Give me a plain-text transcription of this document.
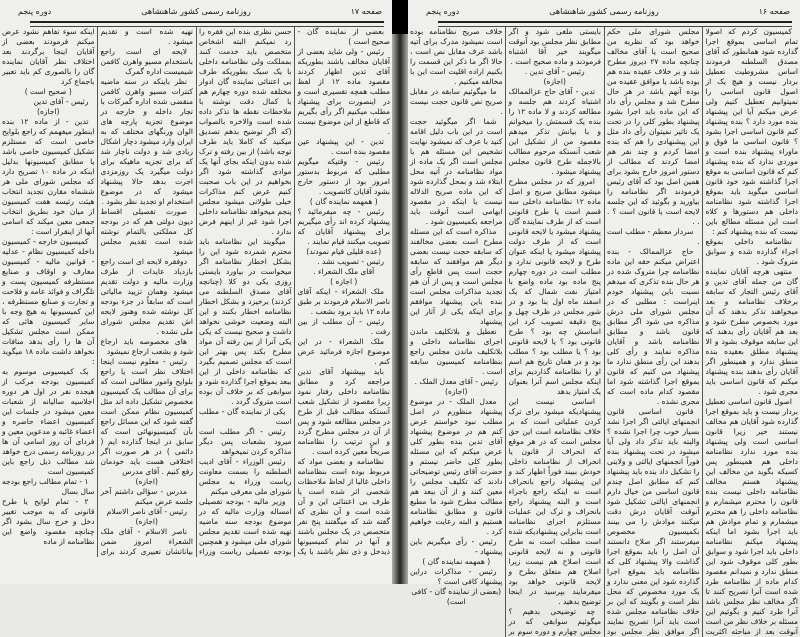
صفحه ۱۷
روزنامه رسمی کشور شاهنشاهی
دوره پنجم

بعضی از نماینده گان - صحیح است )

رئیس - ولی شاید بعضی از آقایان مخالف باشند بطوریکه آقای تدین اظهار کردند مقصود ماده ۱۲ از لفظ مطلب همچه تفسیری است و در اینصورت برای پیشنهاد مطلب میکنیم اگر رأی بگیریم که قاطع از این موضوع نیست .

تدین - این پیشنهاد عین مقصود بنده است .

رئیس - وقتیکه میگویم مطلبی که مربوط بدستور امروز بود از دستور خارج بشود آقایان کاتصویب .

( همهمه نماینده گان )

رئیس - چه میفرمائید ؟ پیشنهاد کرده اند رأی میگیریم برای پیشنهاد آقایان که تصویب میکنند قیام نمایند .

(عده قلیلی قیام نمودند)

رئیس - تصویب نشد .

آقای ملک الشعراء .

( اجازه )

ملک الشعراء - اینکه آقای ناصر الاسلام فرمودند بر طبق ماده ۱۲ باید برود بشعب .

رئیس - آن مطلب از بین رفت .

ملک الشعراء - در این موضوع اجازه فرمائید عرض کنم .

باید بپیشنهاد آقای تدین مراجعه کرد و مطابق نظامنامه داخلی رفتار نمود زیرا مقصود از تشکیل شعب آنستکه مطالب قبل از طرح در مجلس مطالعه شود و پس از آن در مجلس مطرح گردد و این ترتیب را نظامنامه صریحاً معین کرده است .

نظامنامه و بعضی مواد که مربوط بوده است بنظامنامه داخلی غالبا از لحاظ ملاحظات شخصی اثر شده است یا طرف بی اعتنائی این و آن شده است و آن نظری که گفته شد که میگفتند پنج نفر متخصص در یک مجلس باشند و آنها در تمام کمیسیونها ذیدخل و ذی نظر باشند با یک حسن نظری بنده این فقره را رد نمیکنم البته اشخاص متخصص باید خدمت کنند بمملکت ولی نظامنامه داخلی با یک سبک بطوریکه طرف بی اعتنائی نماینده گان ادوار مختلفه شده دوره چهارم هم با کمال دقت نوشته با ملاحظات نقطه ها تذکر داده شده است والاخره بالصواب (که اگر توضیح بدهم تصدیق میکنید که کاملا باید طرف توجه باشد) از بین رفته و ترک شده بدون اینکه بجای آنها یک موادی گذاشته شود اگر بخواهیم در این باب صحبت کنیم عرض کنم مذاکرات خیلی طولانی میشود مجلس پنجم میخواهد نظامنامه داخلی اجرا شود غیر از اینهم فرض ندارد .

میگویند این نظامنامه باید محترم شمرده شود این را بشکل اخطار نظامنامه اگر میخواست در بیاورد بایستی روزی یکی دو کلا (چنانچه آقای مصدق السلطنه می کردند) برخیزد و بشکل اخطار نظامنامه اخطار بکنند و این البته وضعیت خوشی نخواهد داشت و صحیح نیست که یکی یکی آنرا از بین رفته آن مواد مطرح بکند پس بهتر این است که مجلس تصمیم بگیرد که نظامنامه داخلی از این ببعد بموقع اجرا گذارده شود و سوابقی که بر خلاف آن بوده است متروک گردد .

یکی از نماینده گان - مطلب است

رئیس - اگر مطلب است میرود بشعبات پس دیگر مذاکره کردن نمیخواهد

رئیس الوزراء - آقای ادیب السلطنه را بسمت معاونت ریاست وزراء به مجلس شورای ملی معرفی میکنم

وزیر مالیه - بودجه تفصیلی امساله وزارت مالیه که در موضوع بودجه سنه ماضیه تهیه شده است تقدیم مجلس شورای ملی میشود و همچنین بودجه تفصیلی ریاست وزراء تهیه شده است و تقدیم میشود .

لایحه ای است راجع باستخدام مسیو واهرن کافمن شیمیست اداره گمرک

نظر باینکه در سنه ماضیه کنترات مسیو واهرن کافمن منقضی شده اداره گمرکات با تجار داخله و خارجه در موضوع تجزیه پارچه های الوان ورنگهای مختلف که به ایران وارد میشود دچار اشکال زیادی شد و دولت ناچار شد که برای تجزیه ماهیکه برای دولت میگیرد یک روزمزدی اجرت بدهد حالا پیشنهاد میشود که در موضوع استخدام او تجدید نظر بشود .

صورت تفصیلی اقساط دیون دولتی هم که در بودجه کل مملکتی بالتمام نوشته شده است تقدیم مجلس میشود

دوفقره لایحه ای است راجع بازدیاد عایدات از طرف وزارت مالیه و دولت تقدیم میشود وهمان تزیید مالیاتی است که سابقاً در جزء بودجه کل نوشته شده وهنوز لایحه اش تقدیم مجلس شورای ملی نشده .

های مخصوصه باید ارجاع شود و بشعب ارجاع نمیشود

رئیس - معلوم نیست اینجا اختلاف نظر است یا راجع بلوایح وامور مطالبی است که برای آن مطالب یک کمیسیون مخصوص تشکیل داده اند مثل کمیسیون نظام ممکن است گفته شود که این مسائل راجع بآن کمیسیونهائی است که سابق در اینجا گذارده ایم ( دائمی ) در هر صورت اگر اختلافی هست باید خودمان رفع کنیم . آقای مدرس

(اجازه)

مدرس - سؤالی داشتم آخر جلسه عرض میکنم

رئیس - آقای ناصر الاسلام

(اجازه)

ناصر الاسلام - آقای ملک الشعراء امروز ضمن بیاناتشان تعبیری کردند برای اینکه سوء تفاهم نشود عرض میکنم فرمودند بعضی از آقایان اینجا برگردند بعد اختلاف نظر آقایان نماینده گان را بالصوری کم باید تعبیر باجماع کرد

( صحیح است )

رئیس - آقای تدین

(اجازه)

تدین - از ماده ۱۲ بنده اینطور میفهمم که راجع بلوایح خاصی است که مستلزم تشکیل کمیسیون خاصی باشد یا مطابق کمیسیونها بدلیل اینکه در ماده ۱۰ تصریح دارد که مجلس شورای ملی هر ششماه مقارن تجدید انتخاب هیئت رئیسه هفت کمیسیون از میان خود بطریق انتخاب جمعی معین میکند که اسامی آنها از اینقرار است :

کمیسیون خارجه - کمیسیون داخله کمیسیون نظام - عدلیه - قوانین مالیه - کمیسیون معارف و اوقاف و صنایع مستظرفه کمیسیون پست و تلگراف و فوائد عامه و فلاحت و تجارت و صنایع مستظرفه ، این کمیسیونها به هیچ وجه با سایر کمیسیون هائی که ممکن است مجلس تشکیل آن ها را رأی بدهد منافات نخواهد داشت ماده ۱۸ میگوید :

یک کمیسیونی موسوم به کمیسیون بودجه مرکب از هیجده نفر در اول هر دوره اجلاسیه سالیانه از شعبات معین میشود در جلسات این کمیسیون اعضاء حاضره و اعضاء غائبه و مدعوین معین و فردای آن روز اسامی آن ها در روزنامه رسمی درج خواهد شد مطالب ذیل راجع باین کمیسیون است

۱ - تمام مطالب راجع بودجه سال بسال

۲ - تمام لوایح یا طرح قانونی که به موجب تغییر دخل و خرج سال بشود اگر چنانچه مقصود واضع این نظامنامه از ماده

صفحه ۱۶
روزنامه رسمی کشور شاهنشاهی
دوره پنجم

کمیسیون کردم که اصولا تمام اساسی بموقع اجرا گذارده شود همانطور که آقای مصدق السلطنه فرمودند اساس مشروطیت تعطیل بردار نیست و هیچ یک از اصول قانون اساسی را نمیتوانیم تعطیل کنیم ولی عرض میکنم آیا این پیشنهاد بنده مورد دارد ؟ بنده پیشنهاد کنم قانون اساسی اجرا بشود ؟ قانون اساسی ما فوق و ماوراء پیشنهاد بنده است و موردی ندارد که بنده پیشنهاد کنم که قانون اساسی به موقع اجرا گذاشته شود خود قانون اساسی میگوید باید بموقع اجرا گذاشته شود نظامنامه داخلی هم دستورها و کلاه است این مسئله مطالع باین نیست که بنده پیشنهاد کنم :

نظامنامه داخلی بموقع اجراء گذارده شده و سوابق متروک شود .

منتهی هرچه آقایان نماینده گان من جمله آقای تدین و آقای رئیس التجار که سابقه برخلاف نظامنامه و بعد میخواهند تذکر بدهند که آن مورد بخصوص مطرح شود و بعد هم آقایان رأی بدهند که این سابقه موقوف بشود و الا پیشنهاد مطلق بعقیده بنده منطق ندارد و همینطور اگر آقایان رأی بدهند بنده پیشنهاد میکنم که قانون اساسی باید مجری شود .

اصول قانون اساسی تعطیل بردار نیست و باید بموقع اجرا گذارده شود آقایان هم مخالف نیستند خیر زیرا قانون اساسی است ولی پیشنهاد بنده مورد ندارد نظامنامه داخلی هم همینطور پس کسیکه بگوید من مخالف این پیشنهاد هستم مخالف نظامنامه داخلی نیست بنده قانون را محترم میشمارم و نظامنامه داخلی را هم محترم میشمارم و تمام موادش هم باید اجرا بشود اما اینکه پیشنهاد میکنم نظامنامه داخلی باید اجرا شود و سوابق بطور کلی موقوف شود این منطق ندارد و نمیدانم مقصود کدام ماده از نظامنامه طرد شده است آنرا تصریح کنند تا اگر مخالف نظر مجلس باشد آنرا طرد کنیم و بگوئیم این مسئله بر خلاف نظر من است آنوقت بعد از مباحثه اکثریت مجلس شورای ملی حکم خواهد بود که نظریه من صحیح است یا آقای مخالف چنانچه ماده ۲۷ دیروز مطرح شد و بر خلاف عقیده بنده هم بوده باشد یا موافق عقیده من بوده آنهم باشد در هر حال مطرح شد و مجلس رأی داد که این ماده باید اجرا بشود پیشنهاد بطور کلی را در تحت یک تاثیر نمیتوان رأی داد مثل این پیشنهادی را هم که بنده امضا کردم و چند نفر هم امضا کردند که مطالب از دستور امروز خارج بشود برای همین اصل بود که آقای رئیس فرمودند اگر نظامنامه را بیاورید و بگوئید که این جلسه لایحه است یا قانون است ؟ . . .

سردار معظم - مطلب است .

حاج عزالممالک - بنده اعتراض میکنم حقه این ماده نظامنامه چرا متروک شده در هر حال بنده تذکری که میدهم نسبت باین پیشنهاد خودم اینراست : مطلبی که در مجلس شورای ملی درش مذاکره می شود اگر مطابق قانون باشد و مطابق نظامنامه باشد و آقایان مذاکره نمایند و رأی کلی بدهند این رأی منطق ندارد ما پیشنهاد می کنیم که قانون بموقع اجرا گذاشته شود اما مقصود کدام ماده است که مجری نشده .

قانون اساسی قانون انجمنهای ایالتی اگر اجرا نشد بسیار خوب چرا اجرا نشده ؟ والبته باید تذکر داد ولی آیا میشود در تحت پیشنهاد بنده فوراً انجمنهای ایالتی و ولایتی را تشکیل داد بنده باید پیشنهاد کنم که مطابق اصل چندم قانون اساسی من خیال دارم انجمنهای ایالتی تشکیل شود آنوقت آقایان درش دقت میکنند موادش را می بینند بکمیسیون مخصوص میفرستند اگر صلاح دانستند آن اصل را باید بموقع اجرا گذاشت والا پیشنهاد کلی که نظامنامه باید بموقع اجرا گذارده شود این معنی ندارد و یک مورد مخصوص که محل نظر است و بگویند که این بر خلاف نظامنامه مجلس شده است باید آنرا تصریح نمایند اگر موافق نظر مجلس بود بایستی ملغی شود و اگر مطابق نظر مجلس بود آنوقت میگویند خیر آقا اشتباه فرمودند و ماده صحیح است .

رئیس - آقای تدین .

(اجازه)

تدین - آقای حاج عزالممالک اشتباه کردند هم جلسه و مطالعه کردند و لا ماده ۱۲ را بنده یک قسمتش را میخوانم و با بیانش تذکر میدهم مقصود من از تشکیل این شعب آنستکه مرحوم مطالب بالاجمله طرح قانون مجلس پیشنهاد میشود .

امروز که در مجلس مطرح میشود مطابق صریح و اصل ماده ۱۲ نظامنامه داخلی سه قسم است یا طرح قانونی است که از طرف نماینده گان پیشنهاد میشود یا لایحه قانونی است که از طرف دولت پیشنهاد میشود یا اینکه عنوان طرح و لایحه قانونی ندارد و مطلب است در دوره چهارم پنج ماده بود ماده واضع با امتیاز نفت شمال که یک اسفند ماه اول بنا بود و در شور مجلس در ظرف چهل و پنج دقیقه تصویب کرد این اساسش چه بود ؟ طرح قانونی بود ؟ یا لایحه قانونی بود ؟ یا مطلب بود ؟ مطلب بود و در همان تاریخ هم اسم او را نظامنامه گذاردیم برای اینکه مجلس اسم آنرا بعنوان یک امتیاز بدهد

اساسی نیست این پیشنهادیکه میشود برای ترک کردن عملیاتی است که بر خلاف نظامنامه است این حق مجلس است که در هر موقع که انحراف از قانون یا انحراف از نظامنامه داخلی خودش ببیند فوراً اظهار کند و این پیشنهاد راجع بانحراف است نه اینکه راجع باجراء است و البته پیشنهاد راجع بانحراف و ترک این عملیات مستلزم اجرای نظامنامه است بنابراین پیشنهادیکه شده است مطلب است نه طرح قانونی و نه لایحه قانونی است اصلاح هم نیست زیرا اصلاح هم متعلق بطرح و لایحه قانونی خواهد بود میفرمایند بپرسید در اینجا توضیح بدهید .

چه توضیحی بدهیم ؟ میگوئیم سوابقی که در مجلس چهارم و دوره سوم بر خلاف صریح نظامنامه بوده است نمیشود مدرک برای آتیه باشد عرف مقابل نص است ، حالا اگر ما ذکر این قسمت را بکنیم اراده اقلیت است این با مخالفه میکنیم .

ما میگوئیم سابقه در مقابل صریح نص قانون حجت نیست .

شما اگر میگوئید حجت است در این باب دلیل اقامه کنید با عرف که نمیشود نهایت تشخیص این مسئله هم با مجلس است اگر یک ماده از مواد نظامنامه در آتیه محل ابتلاء شد و بمحل گذارده شود که این ماده صریح الدلاله نیست یا اینکه در مقصود ابهامی است آنوقت باید مراجعه بکمیسیون شود .

مذاکره است که این مسئله مطرح است بعضی مخالفند که سابقه حجت نیست بعضی دیگر هم موافقند که سابقه حجت است پس قاطع رأی مجلس است و پس از آن هم تجدید مذاکرات مجلس است بنده باین پیشنهاد موافقم برای اینکه یکی از آثار این پیشنهاد

تعطیل و بلاتکلیف ماندن اجرای نظامنامه داخلی و بلاتکلیف ماندن مجلس راجع بنظامنامه کمیسیون سابقه است .

رئیس - آقای معدل الملک . (اجازه)

معدل الملک - در موضوع پیشنهاد منظورم در اصل مطلب نبود خواستم عرض کنم هم در موضوع پیشنهاد آقای تدین بنده بطور کلی عرض میکنم که این مسئله بطور کلی حاضر نیستم و حضرت آقای رئیس توضیحاتی دادند که تکلیف مجلس را معین کنند و از آن ببعد هم مطالب مطرح شود ما مطیع قانون و مطابق نظامنامه هستیم و البته رعایت خواهیم کرد .

رئیس - رأی میگیریم باین پیشنهاد -

( همهمه نماینده گان )

رئیس - مذاکرات دراین پیشنهاد کافی است ؟

(بعضی از نماینده گان - کافی است)
